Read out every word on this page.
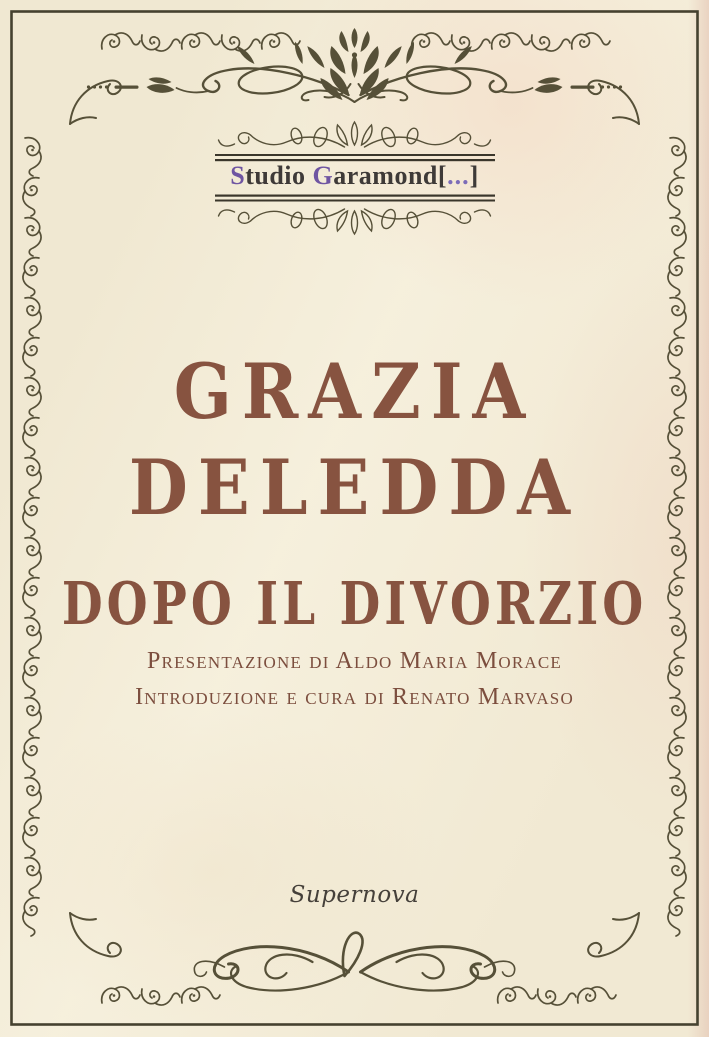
Studio Garamond[...]

GRAZIA
DELEDDA
DOPO IL DIVORZIO

Presentazione di Aldo Maria Morace

Introduzione e cura di Renato Marvaso

Supernova
